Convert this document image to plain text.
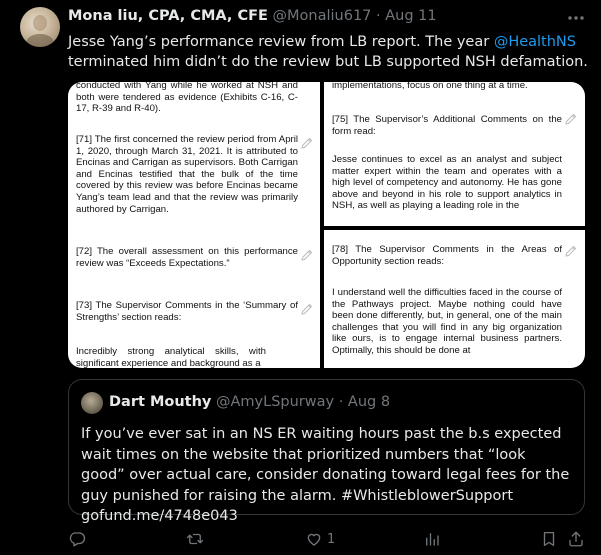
Mona liu, CPA, CMA, CFE @Monaliu617 · Aug 11
Jesse Yang’s performance review from LB report. The year @HealthNS terminated him didn’t do the review but LB supported NSH defamation.
conducted with Yang while he worked at NSH and both were tendered as evidence (Exhibits C-16, C-17, R-39 and R-40).
[71] The first concerned the review period from April 1, 2020, through March 31, 2021. It is attributed to Encinas and Carrigan as supervisors. Both Carrigan and Encinas testified that the bulk of the time covered by this review was before Encinas became Yang’s team lead and that the review was primarily authored by Carrigan.
[72] The overall assessment on this performance review was “Exceeds Expectations.”
[73] The Supervisor Comments in the ‘Summary of Strengths’ section reads:
Incredibly strong analytical skills, with significant experience and background as a
implementations, focus on one thing at a time.
[75] The Supervisor’s Additional Comments on the form read:
Jesse continues to excel as an analyst and subject matter expert within the team and operates with a high level of competency and autonomy. He has gone above and beyond in his role to support analytics in NSH, as well as playing a leading role in the
[78] The Supervisor Comments in the Areas of Opportunity section reads:
I understand well the difficulties faced in the course of the Pathways project. Maybe nothing could have been done differently, but, in general, one of the main challenges that you will find in any big organization like ours, is to engage internal business partners. Optimally, this should be done at
Dart Mouthy @AmyLSpurway · Aug 8
If you’ve ever sat in an NS ER waiting hours past the b.s expected wait times on the website that prioritized numbers that “look good” over actual care, consider donating toward legal fees for the guy punished for raising the alarm. #WhistleblowerSupport gofund.me/4748e043
1
